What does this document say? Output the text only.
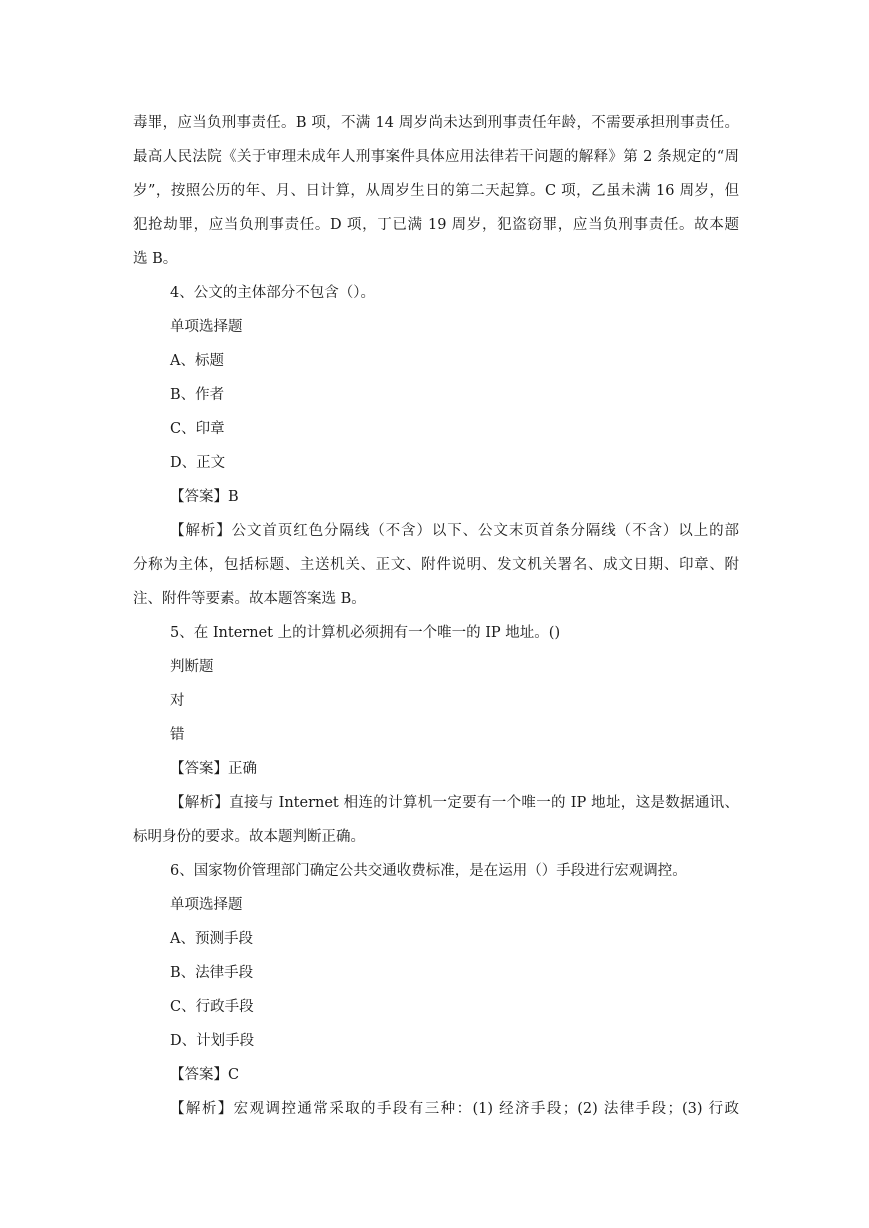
毒罪，应当负刑事责任。B 项，不满 14 周岁尚未达到刑事责任年龄，不需要承担刑事责任。
最高人民法院《关于审理未成年人刑事案件具体应用法律若干问题的解释》第 2 条规定的“周
岁”，按照公历的年、月、日计算，从周岁生日的第二天起算。C 项，乙虽未满 16 周岁，但
犯抢劫罪，应当负刑事责任。D 项，丁已满 19 周岁，犯盗窃罪，应当负刑事责任。故本题
选 B。
4、公文的主体部分不包含（）。
单项选择题
A、标题
B、作者
C、印章
D、正文
【答案】B
【解析】公文首页红色分隔线（不含）以下、公文末页首条分隔线（不含）以上的部
分称为主体，包括标题、主送机关、正文、附件说明、发文机关署名、成文日期、印章、附
注、附件等要素。故本题答案选 B。
5、在 Internet 上的计算机必须拥有一个唯一的 IP 地址。()
判断题
对
错
【答案】正确
【解析】直接与 Internet 相连的计算机一定要有一个唯一的 IP 地址，这是数据通讯、
标明身份的要求。故本题判断正确。
6、国家物价管理部门确定公共交通收费标准，是在运用（）手段进行宏观调控。
单项选择题
A、预测手段
B、法律手段
C、行政手段
D、计划手段
【答案】C
【解析】宏观调控通常采取的手段有三种：(1) 经济手段；(2) 法律手段；(3) 行政
